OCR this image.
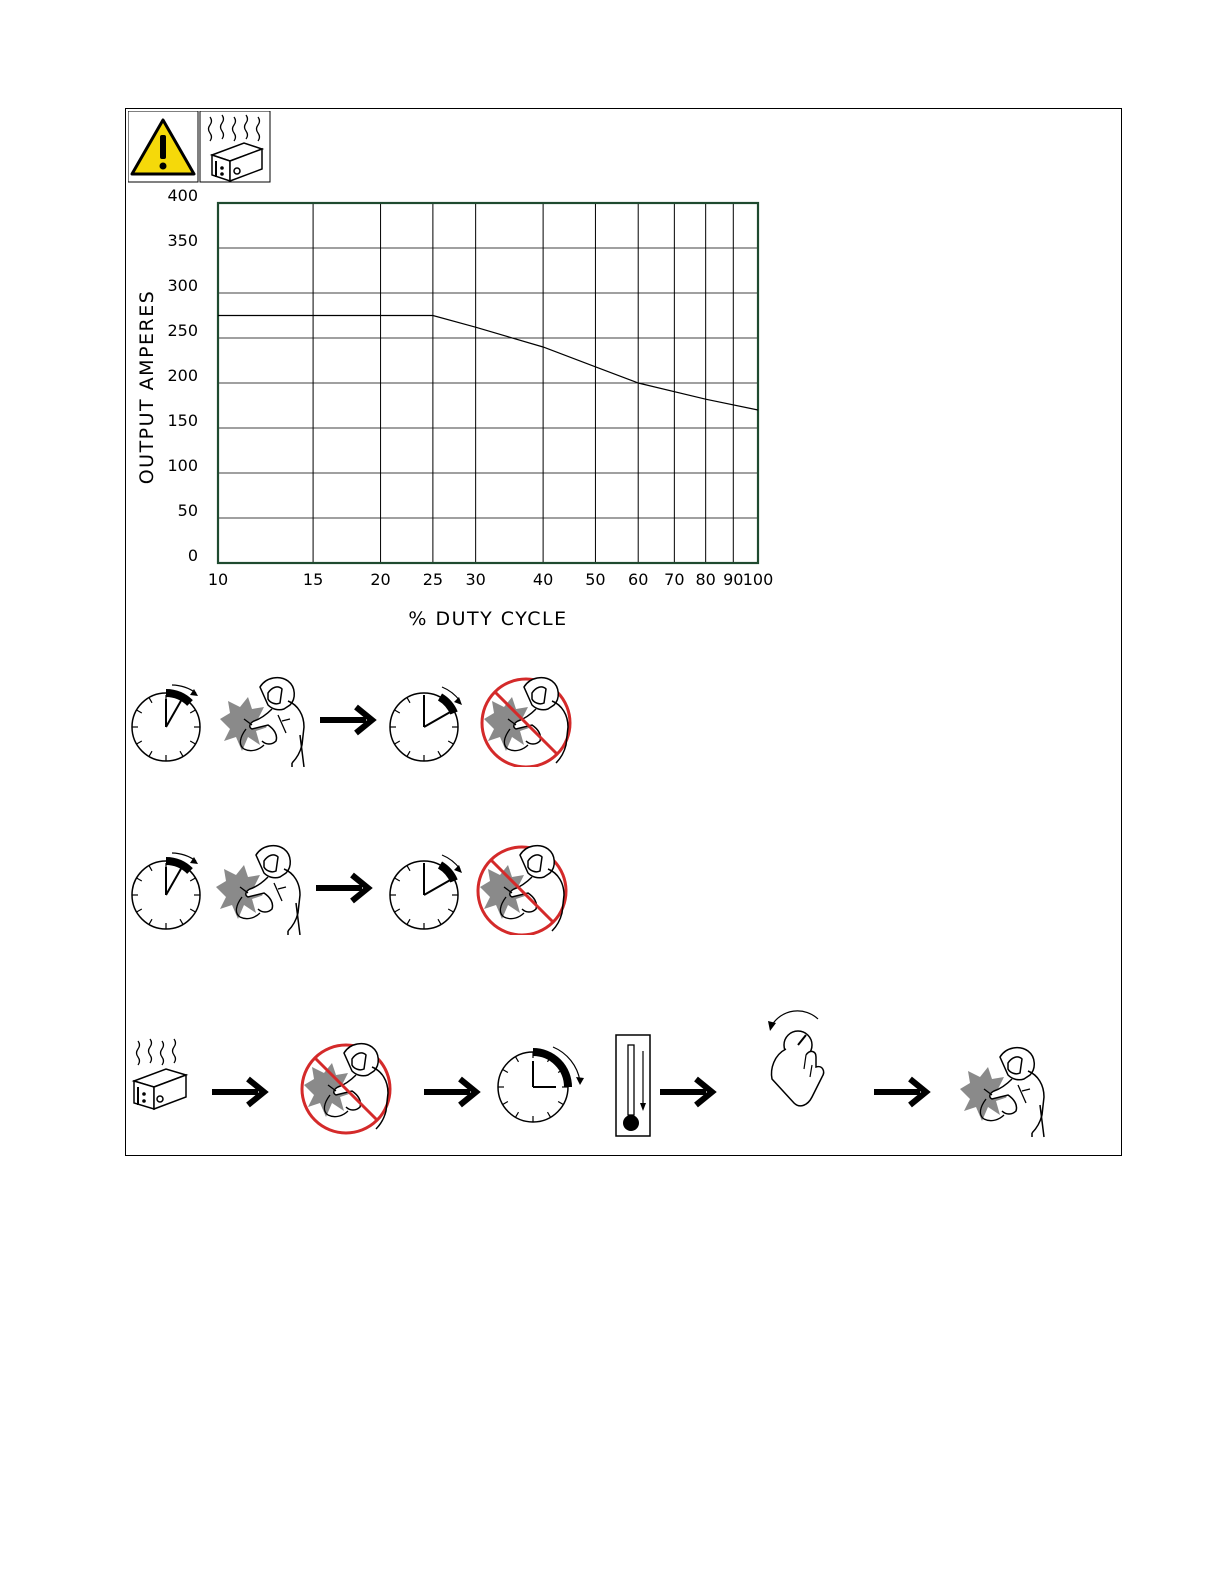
0
50
100
150
200
250
300
350
400
10	15	20 25 30	40 50 60 70 80 90 100
OUTPUT AMPERES
% DUTY CYCLE
